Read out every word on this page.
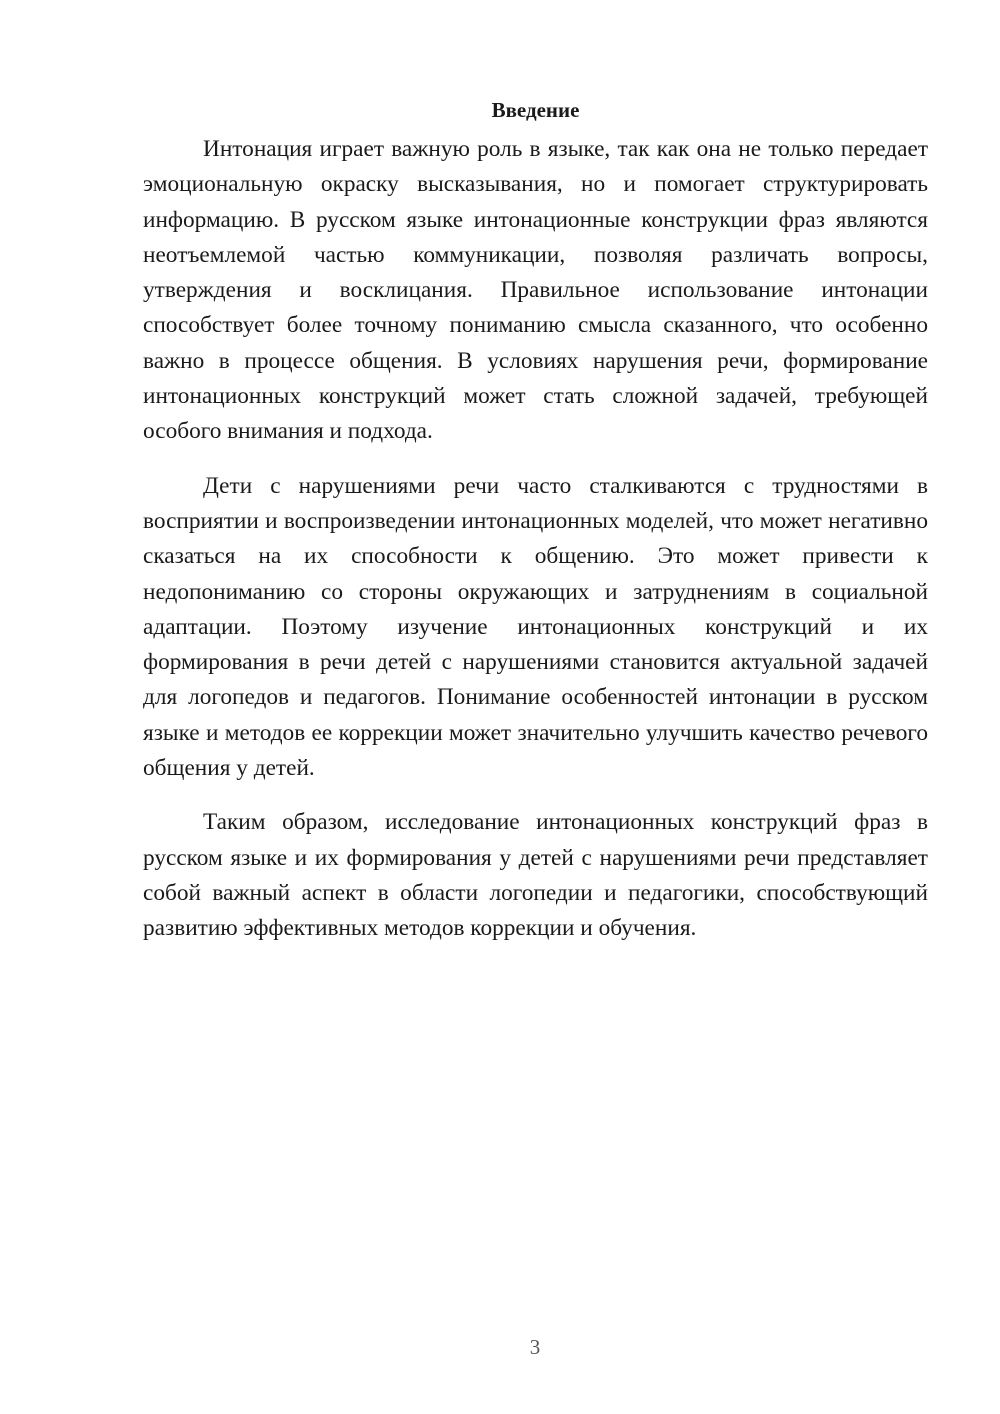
Введение

Интонация играет важную роль в языке, так как она не только передает эмоциональную окраску высказывания, но и помогает структурировать информацию. В русском языке интонационные конструкции фраз являются неотъемлемой частью коммуникации, позволяя различать вопросы, утверждения и восклицания. Правильное использование интонации способствует более точному пониманию смысла сказанного, что особенно важно в процессе общения. В условиях нарушения речи, формирование интонационных конструкций может стать сложной задачей, требующей особого внимания и подхода.

Дети с нарушениями речи часто сталкиваются с трудностями в восприятии и воспроизведении интонационных моделей, что может негативно сказаться на их способности к общению. Это может привести к недопониманию со стороны окружающих и затруднениям в социальной адаптации. Поэтому изучение интонационных конструкций и их формирования в речи детей с нарушениями становится актуальной задачей для логопедов и педагогов. Понимание особенностей интонации в русском языке и методов ее коррекции может значительно улучшить качество речевого общения у детей.

Таким образом, исследование интонационных конструкций фраз в русском языке и их формирования у детей с нарушениями речи представляет собой важный аспект в области логопедии и педагогики, способствующий развитию эффективных методов коррекции и обучения.

3
